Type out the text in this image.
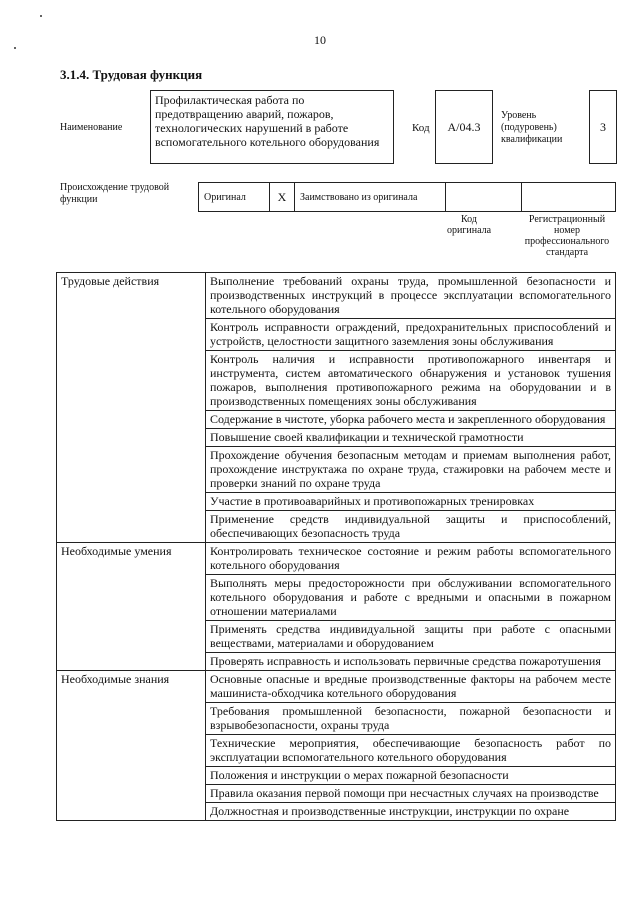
10
3.1.4. Трудовая функция
Наименование
Профилактическая работа по предотвращению аварий, пожаров, технологических нарушений в работе вспомогательного котельного оборудования
Код A/04.3
Уровень (подуровень) квалификации
3
Происхождение трудовой функции	Оригинал	X	Заимствовано из оригинала		
Код оригинала
Регистрационный номер профессионального стандарта
Трудовые действия	Выполнение требований охраны труда, промышленной безопасности и производственных инструкций в процессе эксплуатации вспомогательного котельного оборудования
	Контроль исправности ограждений, предохранительных приспособлений и устройств, целостности защитного заземления зоны обслуживания
	Контроль наличия и исправности противопожарного инвентаря и инструмента, систем автоматического обнаружения и установок тушения пожаров, выполнения противопожарного режима на оборудовании и в производственных помещениях зоны обслуживания
	Содержание в чистоте, уборка рабочего места и закрепленного оборудования
	Повышение своей квалификации и технической грамотности
	Прохождение обучения безопасным методам и приемам выполнения работ, прохождение инструктажа по охране труда, стажировки на рабочем месте и проверки знаний по охране труда
	Участие в противоаварийных и противопожарных тренировках
	Применение средств индивидуальной защиты и приспособлений, обеспечивающих безопасность труда
Необходимые умения	Контролировать техническое состояние и режим работы вспомогательного котельного оборудования
	Выполнять меры предосторожности при обслуживании вспомогательного котельного оборудования и работе с вредными и опасными в пожарном отношении материалами
	Применять средства индивидуальной защиты при работе с опасными веществами, материалами и оборудованием
	Проверять исправность и использовать первичные средства пожаротушения
Необходимые знания	Основные опасные и вредные производственные факторы на рабочем месте машиниста-обходчика котельного оборудования
	Требования промышленной безопасности, пожарной безопасности и взрывобезопасности, охраны труда
	Технические мероприятия, обеспечивающие безопасность работ по эксплуатации вспомогательного котельного оборудования
	Положения и инструкции о мерах пожарной безопасности
	Правила оказания первой помощи при несчастных случаях на производстве
	Должностная и производственные инструкции, инструкции по охране
